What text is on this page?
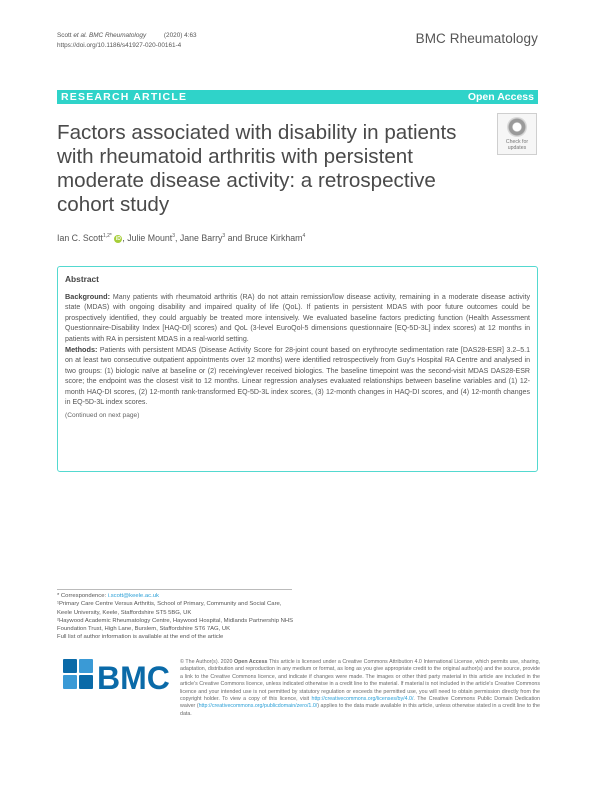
Scott et al. BMC Rheumatology          (2020) 4:63
https://doi.org/10.1186/s41927-020-00161-4	BMC Rheumatology
RESEARCH ARTICLE	Open Access
Factors associated with disability in patients with rheumatoid arthritis with persistent moderate disease activity: a retrospective cohort study
Check for
updates
Ian C. Scott$^{1,2*}$ iD , Julie Mount$^3$, Jane Barry$^3$ and Bruce Kirkham$^4$
Abstract

Background: Many patients with rheumatoid arthritis (RA) do not attain remission/low disease activity, remaining in a moderate disease activity state (MDAS) with ongoing disability and impaired quality of life (QoL). If patients in persistent MDAS with poor future outcomes could be prospectively identified, they could arguably be treated more intensively. We evaluated baseline factors predicting function (Health Assessment Questionnaire-Disability Index [HAQ-DI] scores) and QoL (3-level EuroQol-5 dimensions questionnaire [EQ-5D-3L] index scores) at 12 months in patients with RA in persistent MDAS in a real-world setting.

Methods: Patients with persistent MDAS (Disease Activity Score for 28-joint count based on erythrocyte sedimentation rate [DAS28-ESR] 3.2–5.1 on at least two consecutive outpatient appointments over 12 months) were identified retrospectively from Guy's Hospital RA Centre and analysed in two groups: (1) biologic naïve at baseline or (2) receiving/ever received biologics. The baseline timepoint was the second-visit MDAS DAS28-ESR score; the endpoint was the closest visit to 12 months. Linear regression analyses evaluated relationships between baseline variables and (1) 12-month HAQ-DI scores, (2) 12-month rank-transformed EQ-5D-3L index scores, (3) 12-month changes in HAQ-DI scores, and (4) 12-month changes in EQ-5D-3L index scores.

(Continued on next page)
* Correspondence: i.scott@keele.ac.uk
¹Primary Care Centre Versus Arthritis, School of Primary, Community and Social Care, Keele University, Keele, Staffordshire ST5 5BG, UK
²Haywood Academic Rheumatology Centre, Haywood Hospital, Midlands Partnership NHS Foundation Trust, High Lane, Burslem, Staffordshire ST6 7AG, UK
Full list of author information is available at the end of the article
BMC © The Author(s). 2020 Open Access This article is licensed under a Creative Commons Attribution 4.0 International License, which permits use, sharing, adaptation, distribution and reproduction in any medium or format, as long as you give appropriate credit to the original author(s) and the source, provide a link to the Creative Commons licence, and indicate if changes were made. The images or other third party material in this article are included in the article's Creative Commons licence, unless indicated otherwise in a credit line to the material. If material is not included in the article's Creative Commons licence and your intended use is not permitted by statutory regulation or exceeds the permitted use, you will need to obtain permission directly from the copyright holder. To view a copy of this licence, visit http://creativecommons.org/licenses/by/4.0/. The Creative Commons Public Domain Dedication waiver (http://creativecommons.org/publicdomain/zero/1.0/) applies to the data made available in this article, unless otherwise stated in a credit line to the data.
